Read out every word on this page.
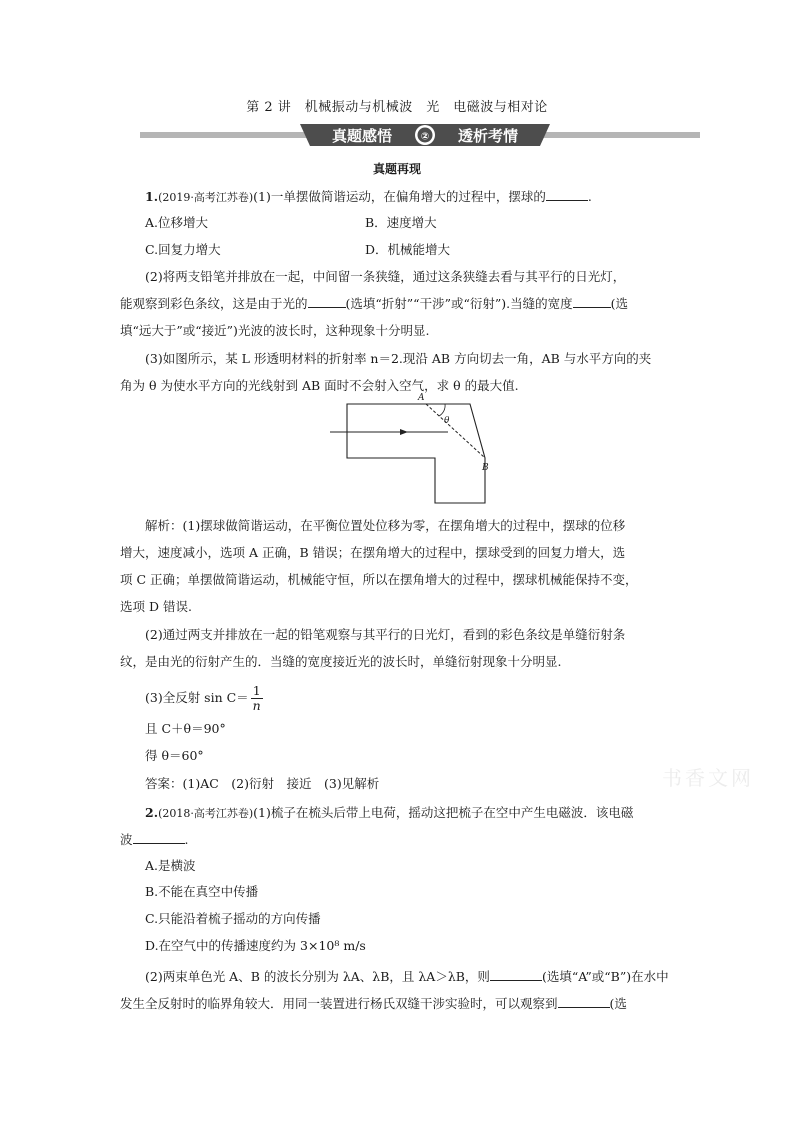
第 2 讲　机械振动与机械波　光　电磁波与相对论
真题感悟	② 透析考情
真题再现
1.(2019·高考江苏卷)(1)一单摆做简谐运动，在偏角增大的过程中，摆球的	.
A.位移增大	B．速度增大
C.回复力增大	D．机械能增大
(2)将两支铅笔并排放在一起，中间留一条狭缝，通过这条狭缝去看与其平行的日光灯，
能观察到彩色条纹，这是由于光的	(选填“折射”“干涉”或“衍射”).当缝的宽度	(选
填“远大于”或“接近”)光波的波长时，这种现象十分明显.
(3)如图所示，某 L 形透明材料的折射率 n＝2.现沿 AB 方向切去一角，AB 与水平方向的夹
角为 θ 为使水平方向的光线射到 AB 面时不会射入空气，求 θ 的最大值.
A
θ
B
解析：(1)摆球做简谐运动，在平衡位置处位移为零，在摆角增大的过程中，摆球的位移
增大，速度减小，选项 A 正确，B 错误；在摆角增大的过程中，摆球受到的回复力增大，选
项 C 正确；单摆做简谐运动，机械能守恒，所以在摆角增大的过程中，摆球机械能保持不变，
选项 D 错误.
(2)通过两支并排放在一起的铅笔观察与其平行的日光灯，看到的彩色条纹是单缝衍射条
纹，是由光的衍射产生的．当缝的宽度接近光的波长时，单缝衍射现象十分明显.
(3)全反射 $\sin C= \frac{1}{n}$
且 C＋θ＝90°
得 θ＝60°
答案：(1)AC　(2)衍射　接近　(3)见解析	书香文网
2.(2018·高考江苏卷)(1)梳子在梳头后带上电荷，摇动这把梳子在空中产生电磁波．该电磁
波	.
A.是横波
B.不能在真空中传播
C.只能沿着梳子摇动的方向传播
D.在空气中的传播速度约为 3×10⁸ m/s
(2)两束单色光 A、B 的波长分别为 λA、λB，且 λA＞λB，则	(选填“A”或“B”)在水中
发生全反射时的临界角较大．用同一装置进行杨氏双缝干涉实验时，可以观察到	(选
